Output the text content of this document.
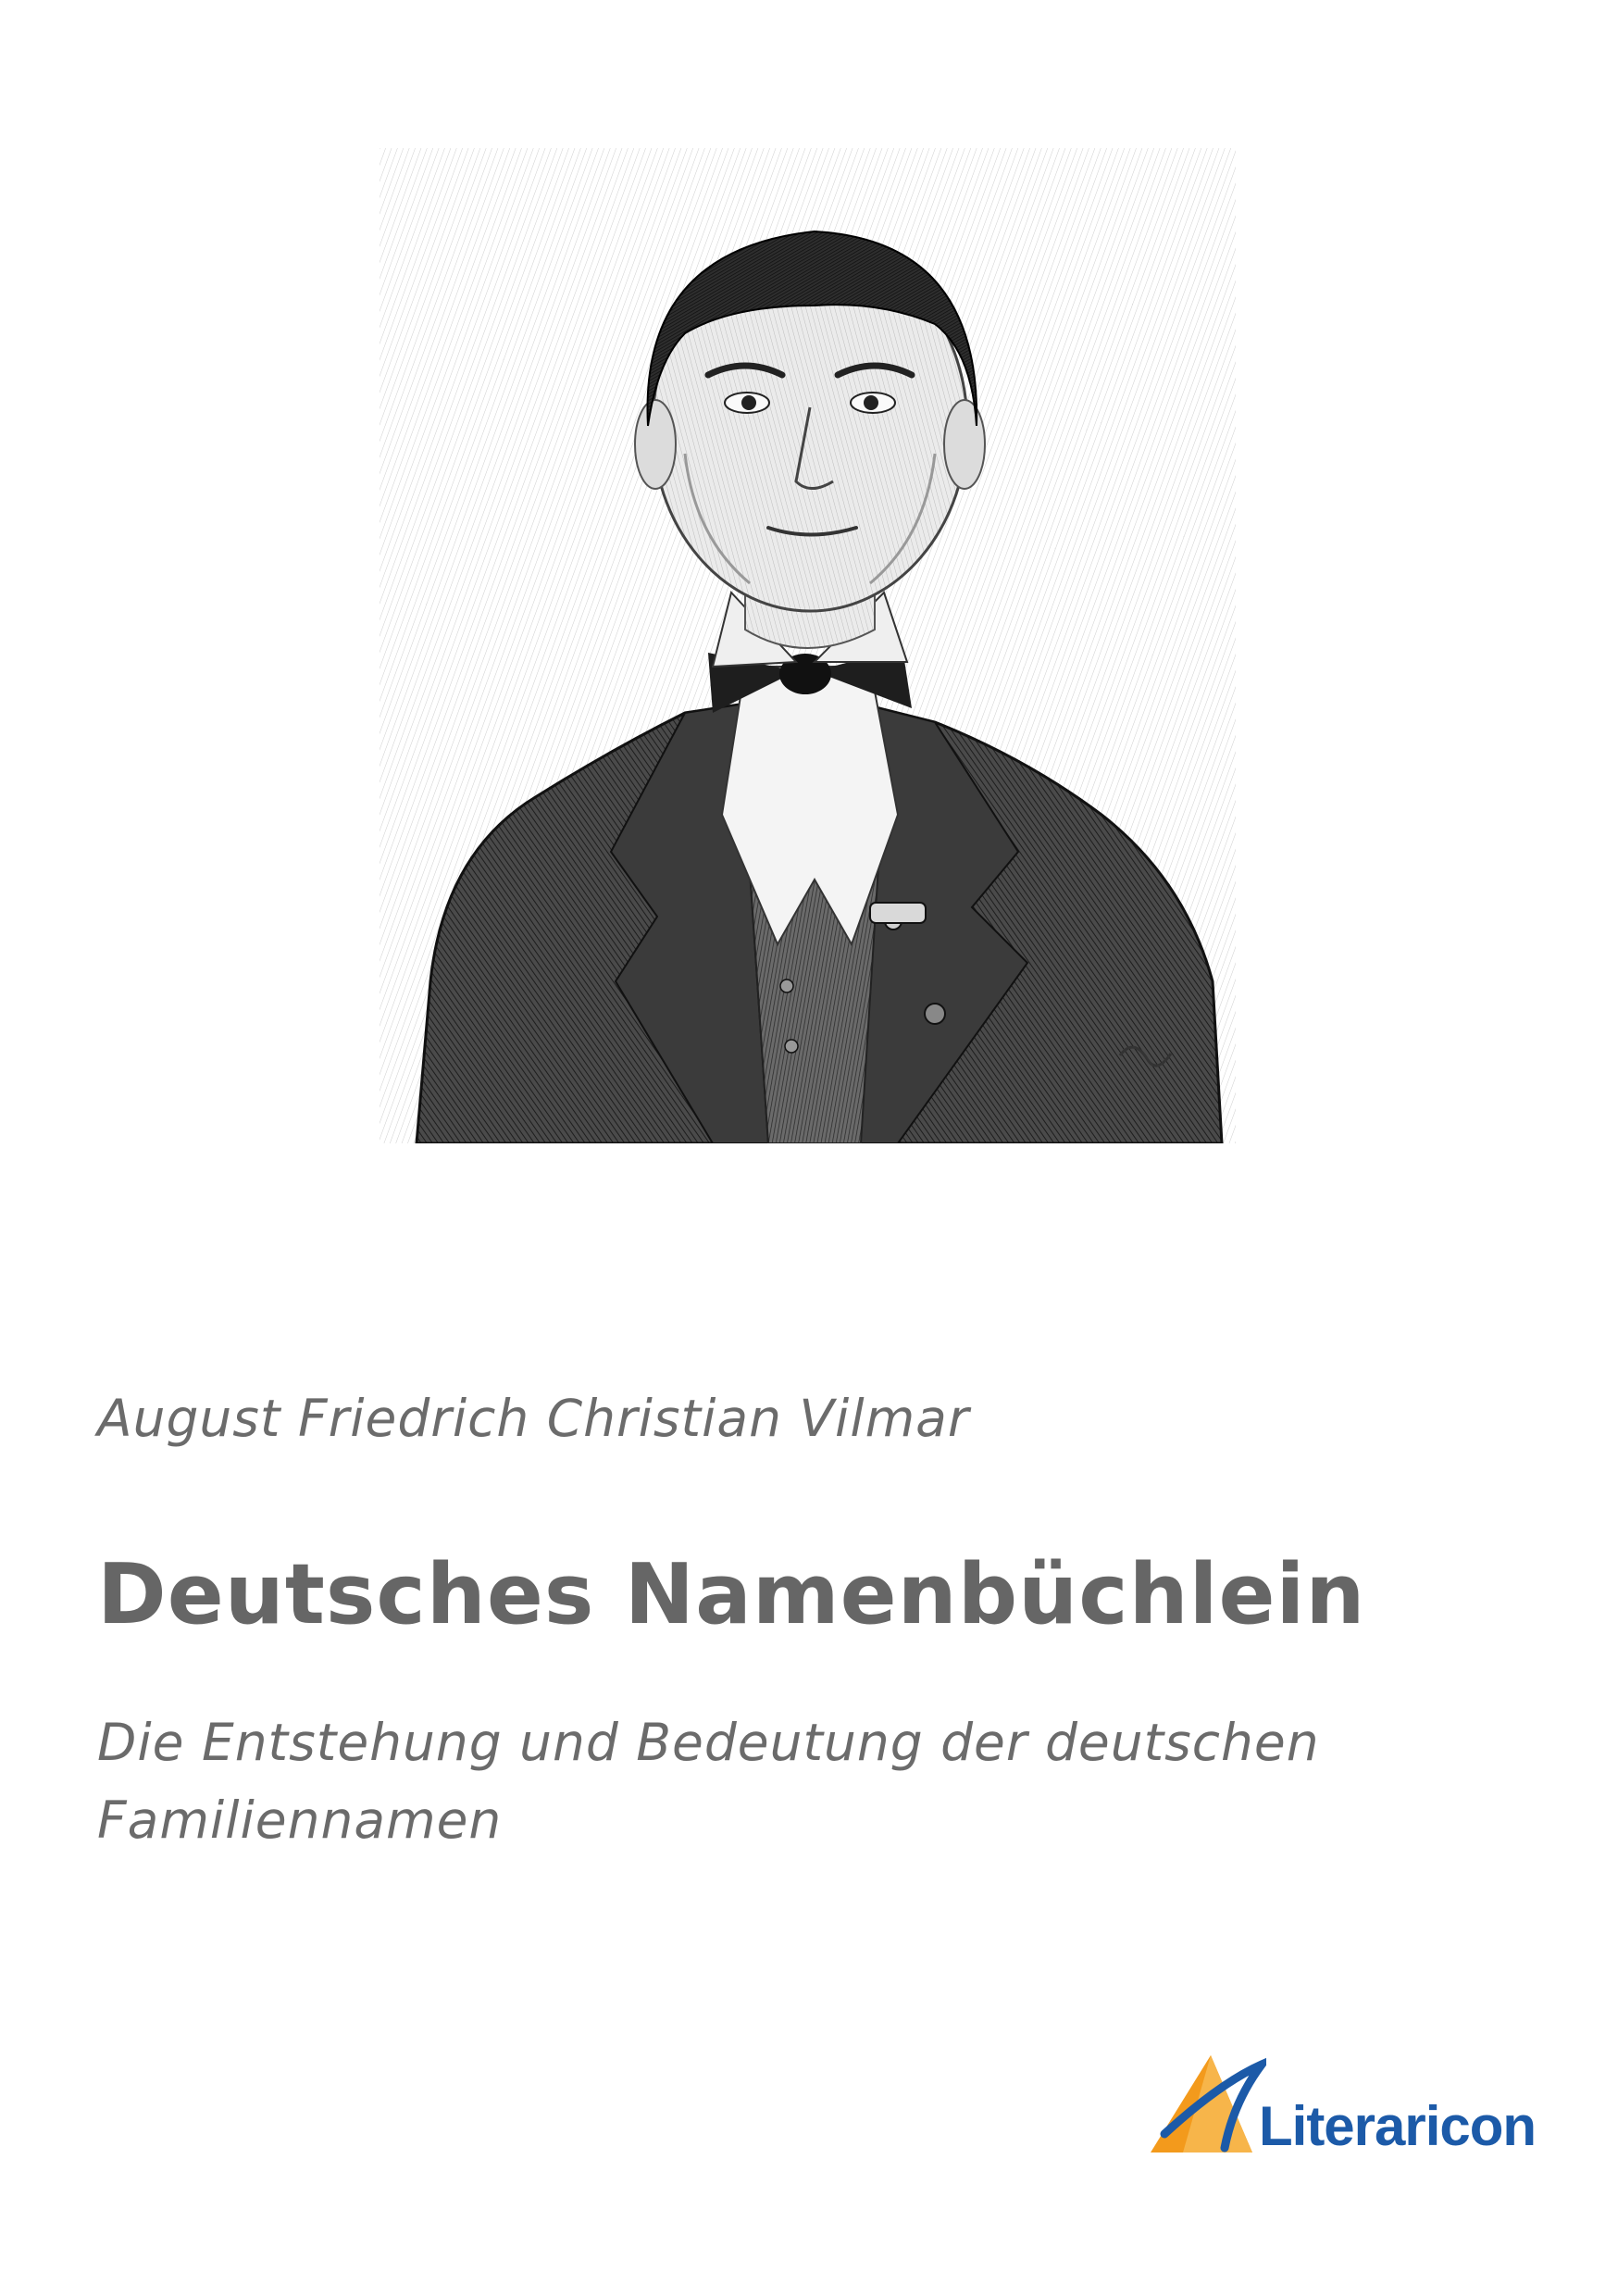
August Friedrich Christian Vilmar
Deutsches Namenbüchlein
Die Entstehung und Bedeutung der deutschen
Familiennamen
Literaricon
